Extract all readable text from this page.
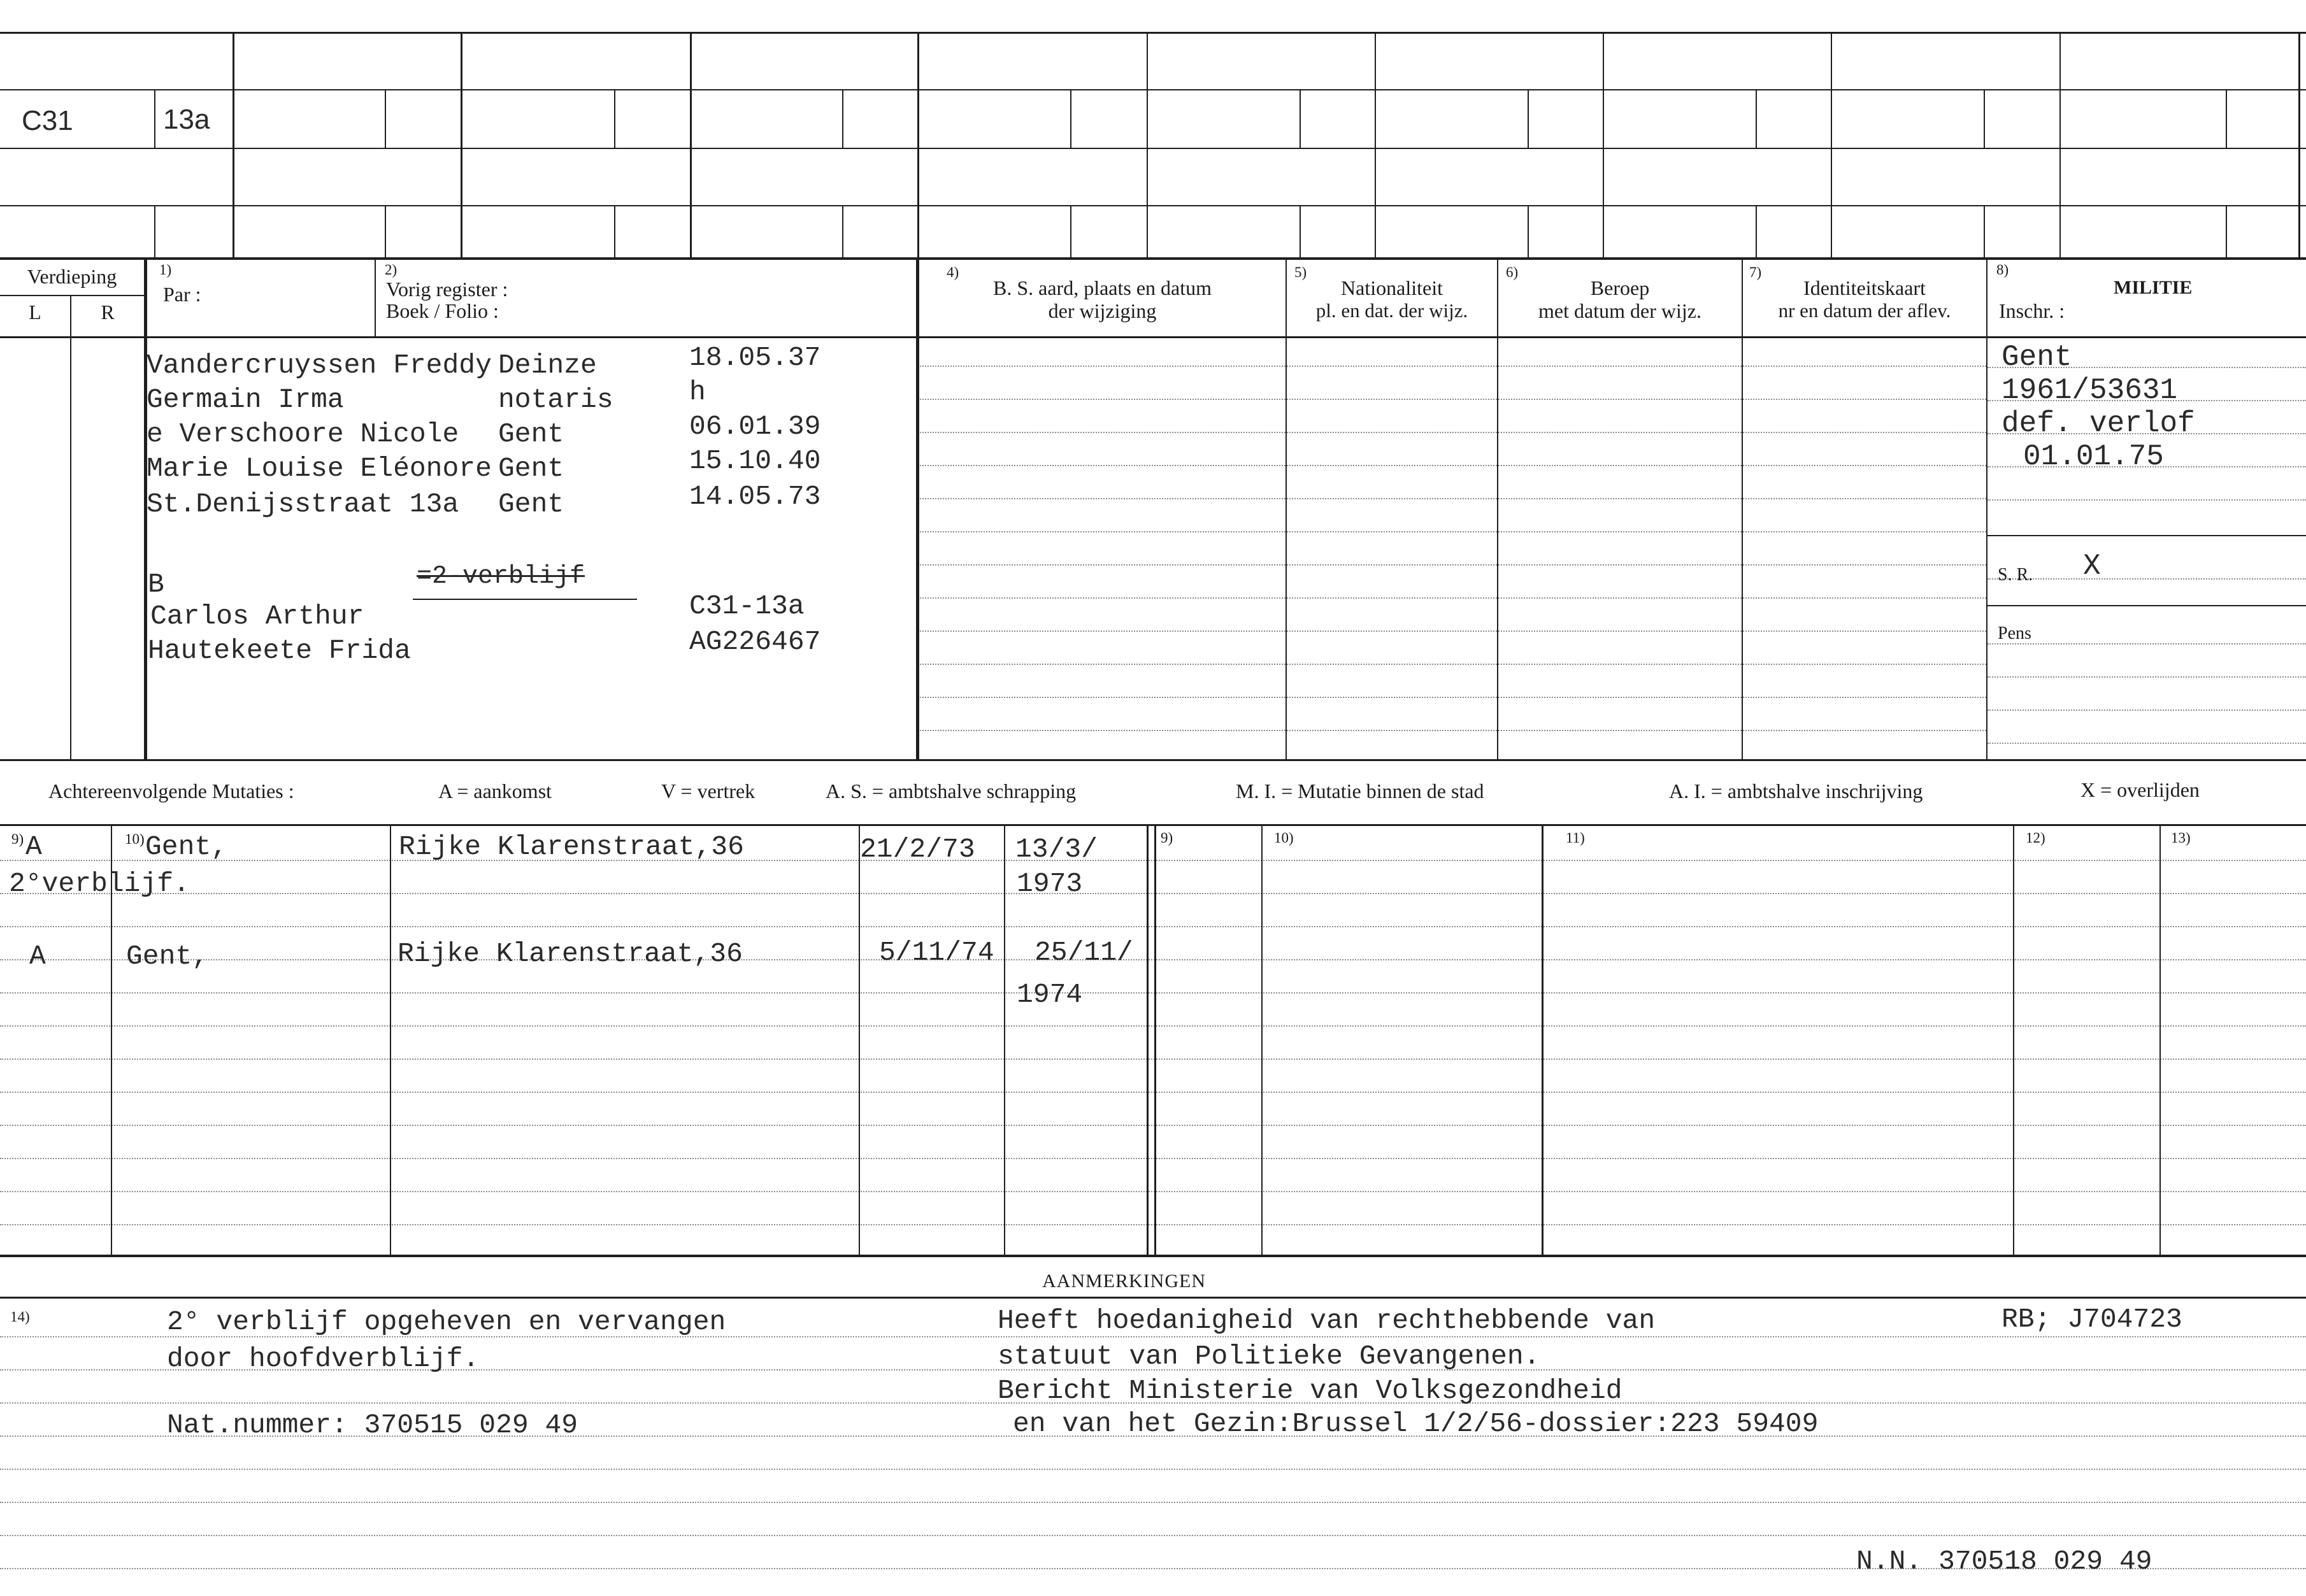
C31	13a
Verdieping
L	R
1)
Par :
2)
Vorig register :
Boek / Folio :
4)
B. S. aard, plaats en datum
der wijziging
5)
Nationaliteit
pl. en dat. der wijz.
6)
Beroep
met datum der wijz.
7)
Identiteitskaart
nr en datum der aflev.
8)
MILITIE
Inschr. :
Vandercruyssen Freddy Deinze	18.05.37
Germain Irma	notaris	h
e Verschoore Nicole Gent	06.01.39
Marie Louise Eléonore Gent	15.10.40
St.Denijsstraat 13a Gent	14.05.73
B	=2-verblijf
Carlos Arthur	C31-13a
Hautekeete Frida	AG226467
Gent
1961/53631
def. verlof
01.01.75
S. R. X
Pens
Achtereenvolgende Mutaties :	A = aankomst	V = vertrek	A. S. = ambtshalve schrapping	M. I. = Mutatie binnen de stad	A. I. = ambtshalve inschrijving	X = overlijden
9)	10)	9)	10)	11)	12)	13)
A	Gent,	Rijke Klarenstraat,36	21/2/73 13/3/
1973
2°verblijf.
A	Gent,	Rijke Klarenstraat,36	5/11/74 25/11/
1974
AANMERKINGEN
14)	2° verblijf opgeheven en vervangen
door hoofdverblijf.
Nat.nummer: 370515 029 49
Heeft hoedanigheid van rechthebbende van
statuut van Politieke Gevangenen.
Bericht Ministerie van Volksgezondheid
en van het Gezin:Brussel 1/2/56-dossier:223 59409
RB; J704723
N.N. 370518 029 49
